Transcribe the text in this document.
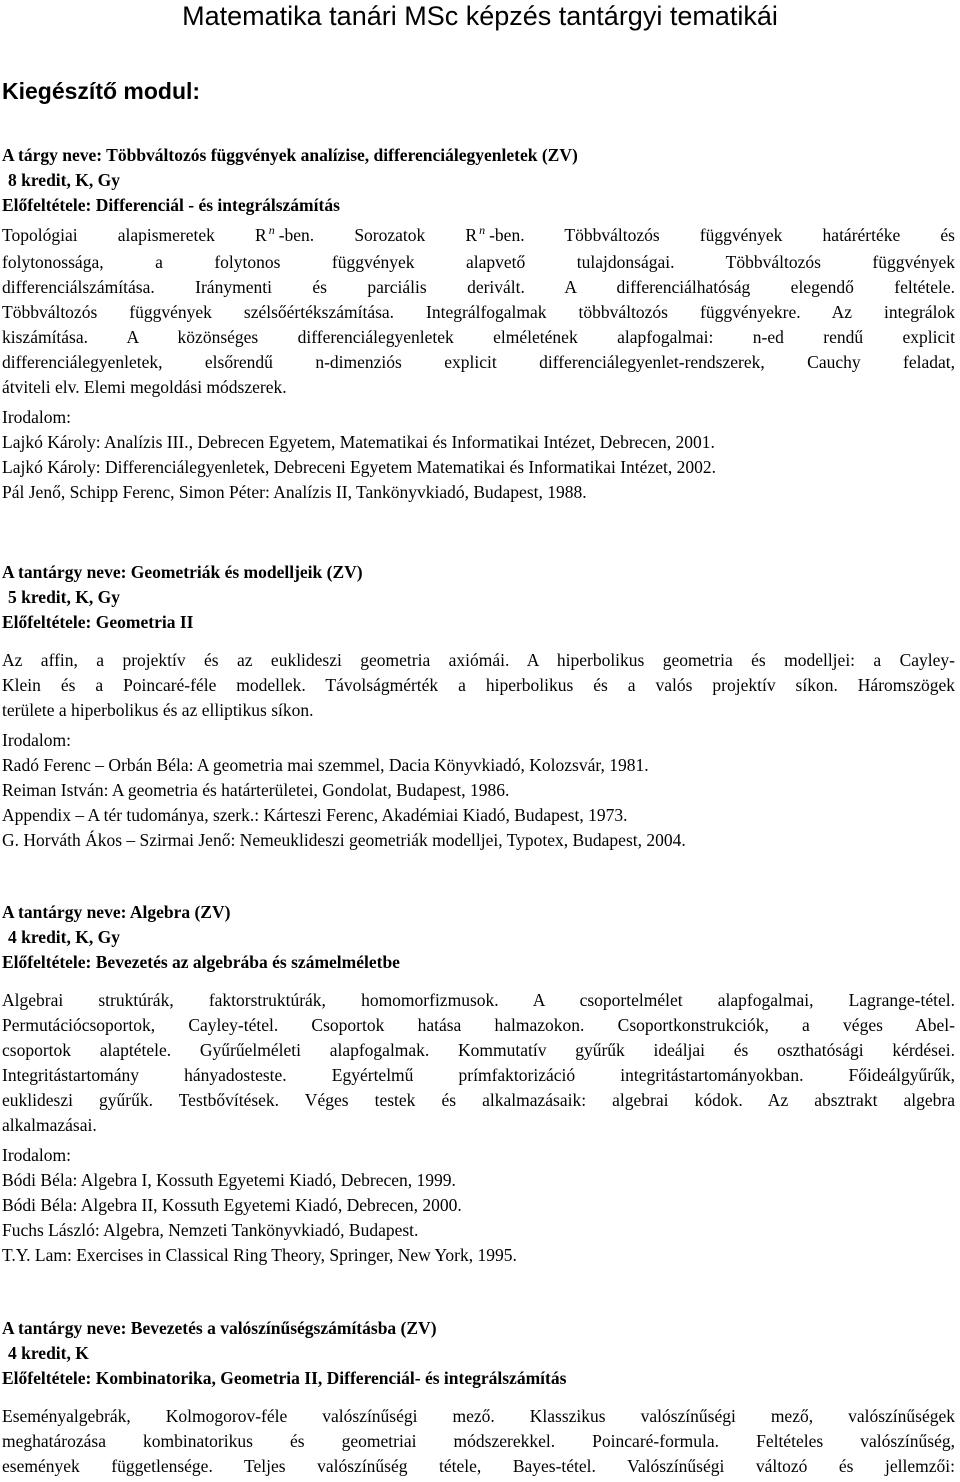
Matematika tanári MSc képzés tantárgyi tematikái
Kiegészítő modul:
A tárgy neve: Többváltozós függvények analízise, differenciálegyenletek (ZV)
8 kredit, K, Gy
Előfeltétele: Differenciál - és integrálszámítás
Topológiai alapismeretek R $^n$ -ben. Sorozatok R $^n$ -ben. Többváltozós függvények határértéke és
folytonossága, a folytonos függvények alapvető tulajdonságai. Többváltozós függvények
differenciálszámítása. Iránymenti és parciális derivált. A differenciálhatóság elegendő feltétele.
Többváltozós függvények szélsőértékszámítása. Integrálfogalmak többváltozós függvényekre. Az integrálok
kiszámítása. A közönséges differenciálegyenletek elméletének alapfogalmai: n-ed rendű explicit
differenciálegyenletek, elsőrendű n-dimenziós explicit differenciálegyenlet-rendszerek, Cauchy feladat,
átviteli elv. Elemi megoldási módszerek.
Irodalom:
Lajkó Károly: Analízis III., Debrecen Egyetem, Matematikai és Informatikai Intézet, Debrecen, 2001.
Lajkó Károly: Differenciálegyenletek, Debreceni Egyetem Matematikai és Informatikai Intézet, 2002.
Pál Jenő, Schipp Ferenc, Simon Péter: Analízis II, Tankönyvkiadó, Budapest, 1988.
A tantárgy neve: Geometriák és modelljeik (ZV)
5 kredit, K, Gy
Előfeltétele: Geometria II
Az affin, a projektív és az euklideszi geometria axiómái. A hiperbolikus geometria és modelljei: a Cayley-
Klein és a Poincaré-féle modellek. Távolságmérték a hiperbolikus és a valós projektív síkon. Háromszögek
területe a hiperbolikus és az elliptikus síkon.
Irodalom:
Radó Ferenc – Orbán Béla: A geometria mai szemmel, Dacia Könyvkiadó, Kolozsvár, 1981.
Reiman István: A geometria és határterületei, Gondolat, Budapest, 1986.
Appendix – A tér tudománya, szerk.: Kárteszi Ferenc, Akadémiai Kiadó, Budapest, 1973.
G. Horváth Ákos – Szirmai Jenő: Nemeuklideszi geometriák modelljei, Typotex, Budapest, 2004.
A tantárgy neve: Algebra (ZV)
4 kredit, K, Gy
Előfeltétele: Bevezetés az algebrába és számelméletbe
Algebrai struktúrák, faktorstruktúrák, homomorfizmusok. A csoportelmélet alapfogalmai, Lagrange-tétel.
Permutációcsoportok, Cayley-tétel. Csoportok hatása halmazokon. Csoportkonstrukciók, a véges Abel-
csoportok alaptétele. Gyűrűelméleti alapfogalmak. Kommutatív gyűrűk ideáljai és oszthatósági kérdései.
Integritástartomány hányadosteste. Egyértelmű prímfaktorizáció integritástartományokban. Főideálgyűrűk,
euklideszi gyűrűk. Testbővítések. Véges testek és alkalmazásaik: algebrai kódok. Az absztrakt algebra
alkalmazásai.
Irodalom:
Bódi Béla: Algebra I, Kossuth Egyetemi Kiadó, Debrecen, 1999.
Bódi Béla: Algebra II, Kossuth Egyetemi Kiadó, Debrecen, 2000.
Fuchs László: Algebra, Nemzeti Tankönyvkiadó, Budapest.
T.Y. Lam: Exercises in Classical Ring Theory, Springer, New York, 1995.
A tantárgy neve: Bevezetés a valószínűségszámításba (ZV)
4 kredit, K
Előfeltétele: Kombinatorika, Geometria II, Differenciál- és integrálszámítás
Eseményalgebrák, Kolmogorov-féle valószínűségi mező. Klasszikus valószínűségi mező, valószínűségek
meghatározása kombinatorikus és geometriai módszerekkel. Poincaré-formula. Feltételes valószínűség,
események függetlensége. Teljes valószínűség tétele, Bayes-tétel. Valószínűségi változó és jellemzői:
